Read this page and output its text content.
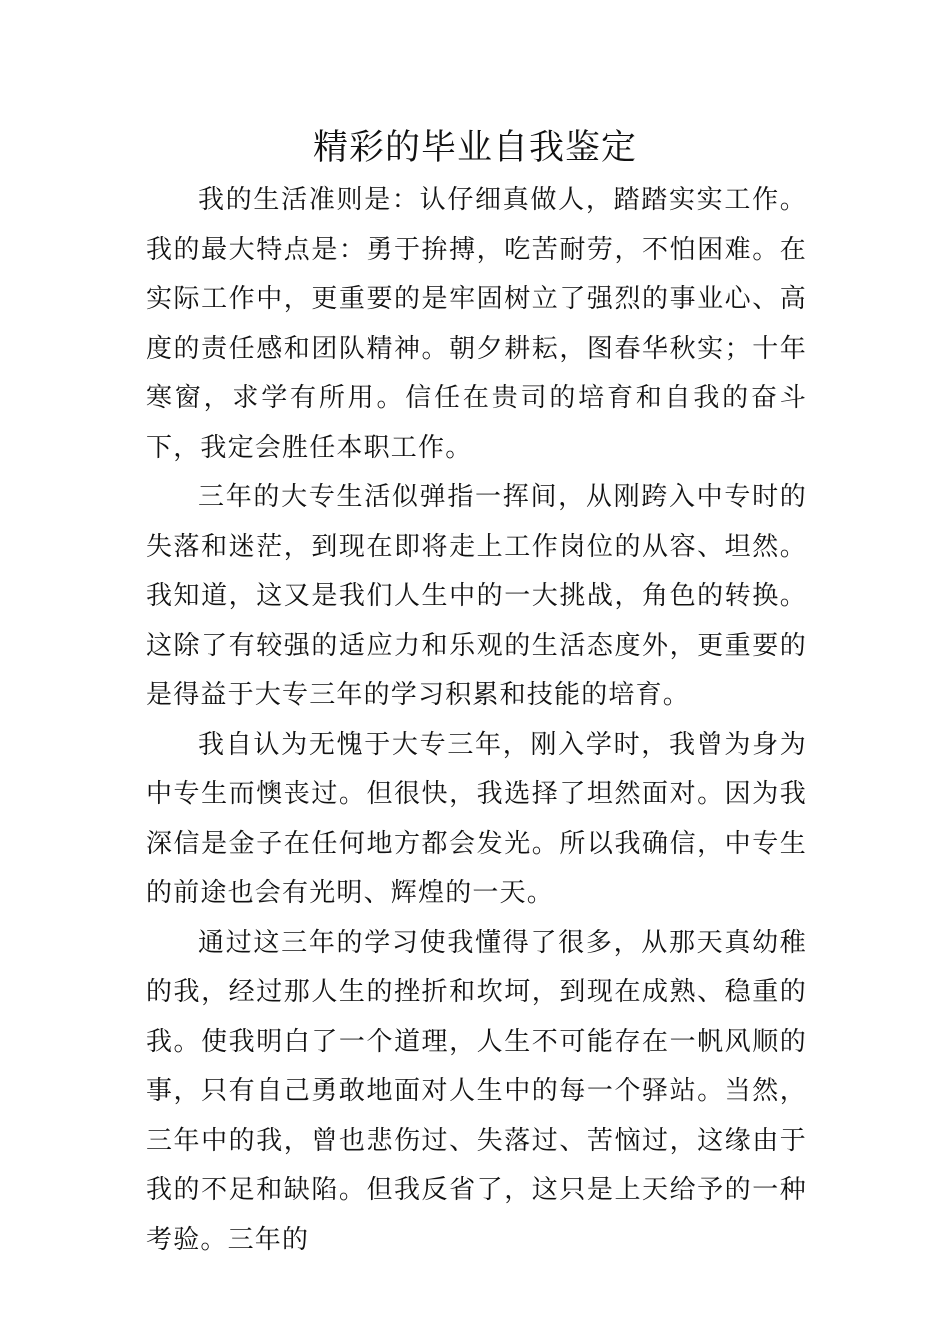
精彩的毕业自我鉴定

我的生活准则是：认仔细真做人，踏踏实实工作。我的最大特点是：勇于拚搏，吃苦耐劳，不怕困难。在实际工作中，更重要的是牢固树立了强烈的事业心、高度的责任感和团队精神。朝夕耕耘，图春华秋实；十年寒窗，求学有所用。信任在贵司的培育和自我的奋斗下，我定会胜任本职工作。

三年的大专生活似弹指一挥间，从刚跨入中专时的失落和迷茫，到现在即将走上工作岗位的从容、坦然。我知道，这又是我们人生中的一大挑战，角色的转换。这除了有较强的适应力和乐观的生活态度外，更重要的是得益于大专三年的学习积累和技能的培育。

我自认为无愧于大专三年，刚入学时，我曾为身为中专生而懊丧过。但很快，我选择了坦然面对。因为我深信是金子在任何地方都会发光。所以我确信，中专生的前途也会有光明、辉煌的一天。

通过这三年的学习使我懂得了很多，从那天真幼稚的我，经过那人生的挫折和坎坷，到现在成熟、稳重的我。使我明白了一个道理，人生不可能存在一帆风顺的事，只有自己勇敢地面对人生中的每一个驿站。当然，三年中的我，曾也悲伤过、失落过、苦恼过，这缘由于我的不足和缺陷。但我反省了，这只是上天给予的一种考验。三年的
